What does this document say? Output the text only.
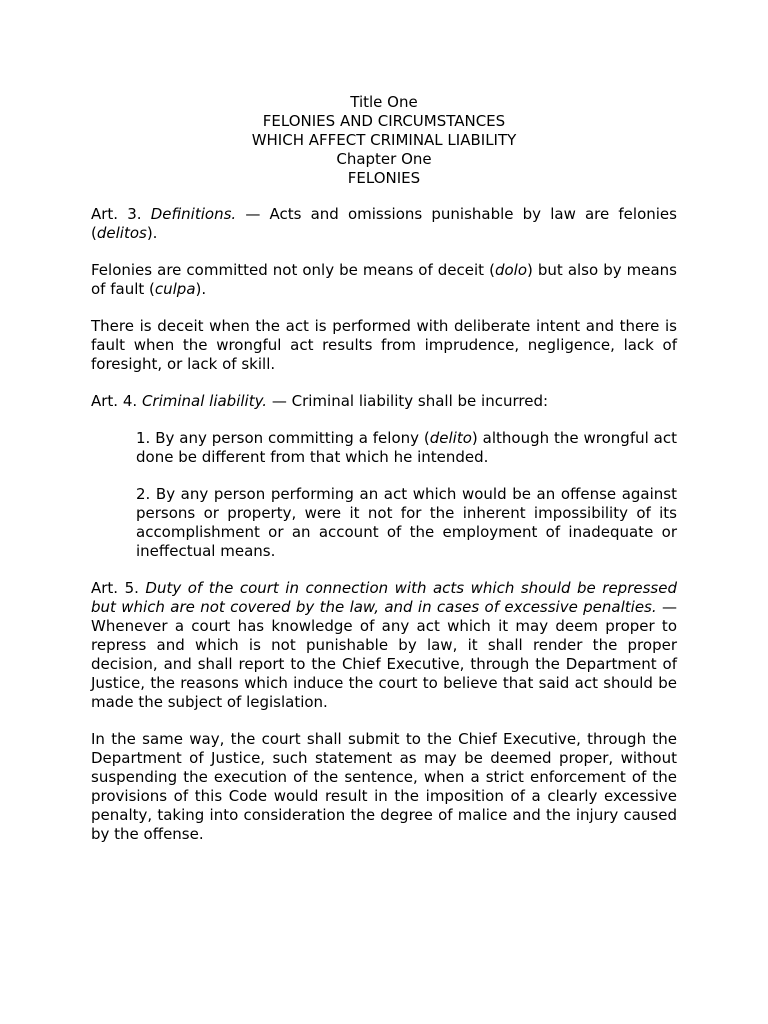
Title One
FELONIES AND CIRCUMSTANCES
WHICH AFFECT CRIMINAL LIABILITY
Chapter One
FELONIES

Art. 3. Definitions. — Acts and omissions punishable by law are felonies (delitos).

Felonies are committed not only be means of deceit (dolo) but also by means of fault (culpa).

There is deceit when the act is performed with deliberate intent and there is fault when the wrongful act results from imprudence, negligence, lack of foresight, or lack of skill.

Art. 4. Criminal liability. — Criminal liability shall be incurred:

1. By any person committing a felony (delito) although the wrongful act done be different from that which he intended.

2. By any person performing an act which would be an offense against persons or property, were it not for the inherent impossibility of its accomplishment or an account of the employment of inadequate or ineffectual means.

Art. 5. Duty of the court in connection with acts which should be repressed but which are not covered by the law, and in cases of excessive penalties. — Whenever a court has knowledge of any act which it may deem proper to repress and which is not punishable by law, it shall render the proper decision, and shall report to the Chief Executive, through the Department of Justice, the reasons which induce the court to believe that said act should be made the subject of legislation.

In the same way, the court shall submit to the Chief Executive, through the Department of Justice, such statement as may be deemed proper, without suspending the execution of the sentence, when a strict enforcement of the provisions of this Code would result in the imposition of a clearly excessive penalty, taking into consideration the degree of malice and the injury caused by the offense.
